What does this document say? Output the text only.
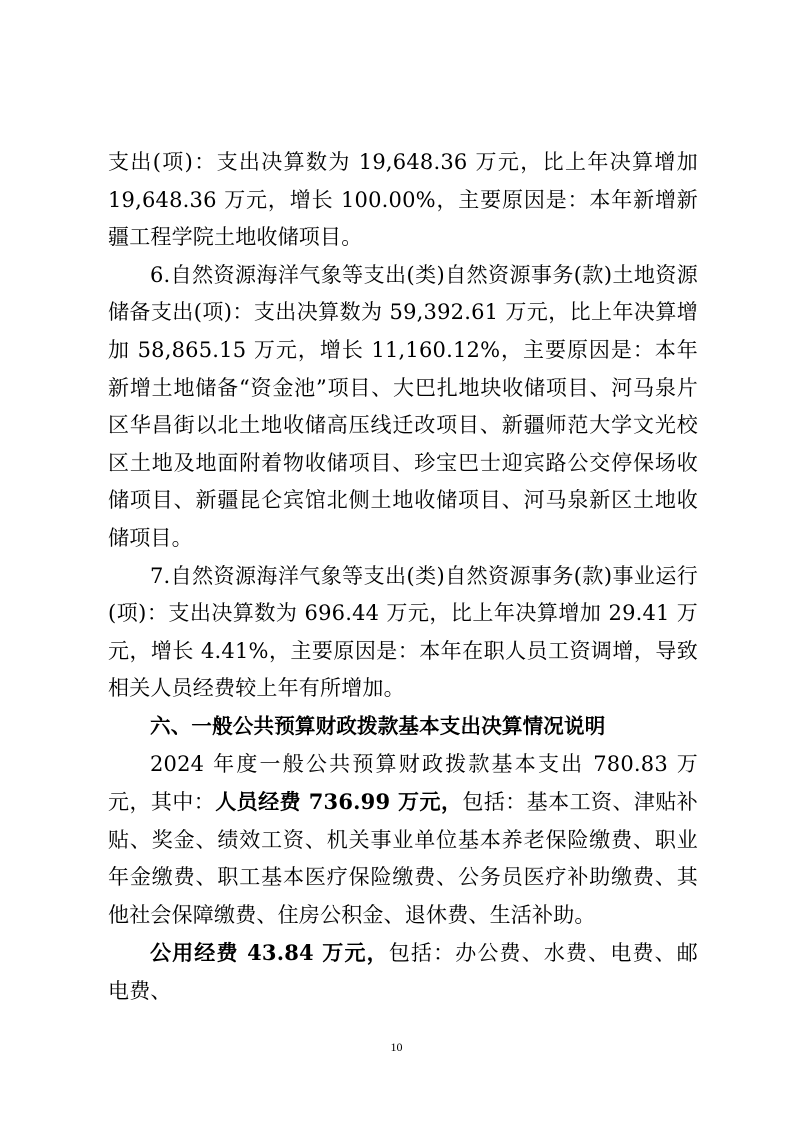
支出(项)：支出决算数为 19,648.36 万元，比上年决算增加 19,648.36 万元，增长 100.00%，主要原因是：本年新增新疆工程学院土地收储项目。

6.自然资源海洋气象等支出(类)自然资源事务(款)土地资源储备支出(项)：支出决算数为 59,392.61 万元，比上年决算增加 58,865.15 万元，增长 11,160.12%，主要原因是：本年新增土地储备“资金池”项目、大巴扎地块收储项目、河马泉片区华昌街以北土地收储高压线迁改项目、新疆师范大学文光校区土地及地面附着物收储项目、珍宝巴士迎宾路公交停保场收储项目、新疆昆仑宾馆北侧土地收储项目、河马泉新区土地收储项目。

7.自然资源海洋气象等支出(类)自然资源事务(款)事业运行(项)：支出决算数为 696.44 万元，比上年决算增加 29.41 万元，增长 4.41%，主要原因是：本年在职人员工资调增，导致相关人员经费较上年有所增加。

六、一般公共预算财政拨款基本支出决算情况说明

2024 年度一般公共预算财政拨款基本支出 780.83 万元，其中：人员经费 736.99 万元，包括：基本工资、津贴补贴、奖金、绩效工资、机关事业单位基本养老保险缴费、职业年金缴费、职工基本医疗保险缴费、公务员医疗补助缴费、其他社会保障缴费、住房公积金、退休费、生活补助。

公用经费 43.84 万元，包括：办公费、水费、电费、邮电费、

10
